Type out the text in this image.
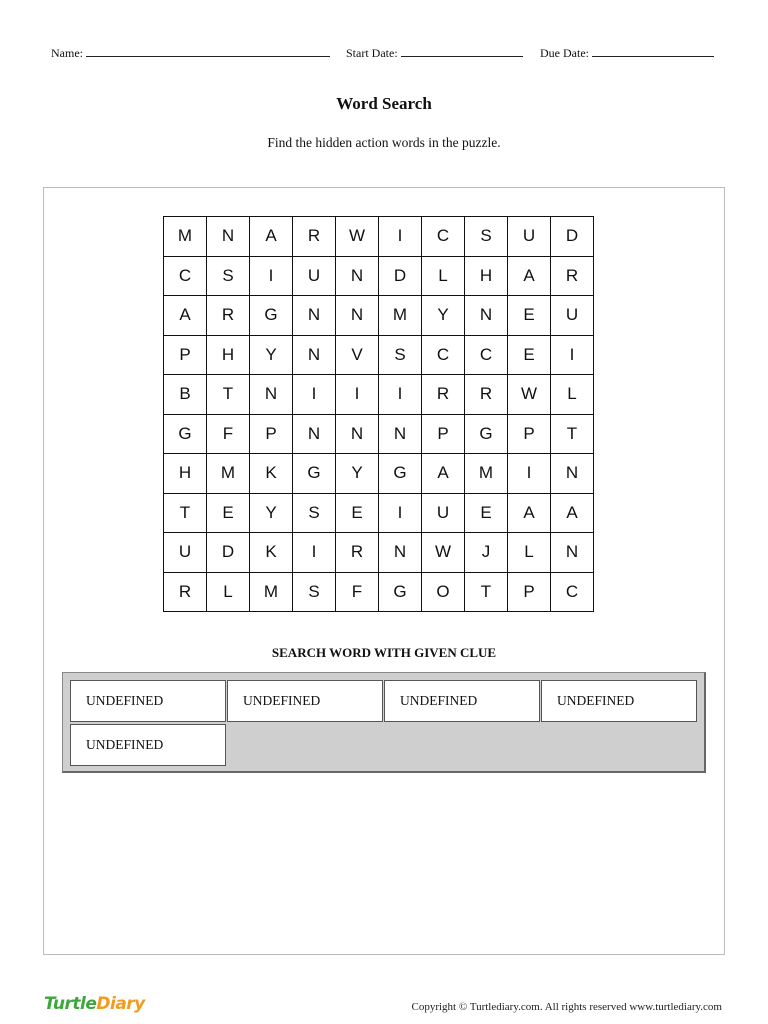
Name:	Start Date:	Due Date:
Word Search
Find the hidden action words in the puzzle.
M	N	A	R	W	I	C	S	U	D
C	S	I	U	N	D	L	H	A	R
A	R	G	N	N	M	Y	N	E	U
P	H	Y	N	V	S	C	C	E	I
B	T	N	I	I	I	R	R	W	L
G	F	P	N	N	N	P	G	P	T
H	M	K	G	Y	G	A	M	I	N
T	E	Y	S	E	I	U	E	A	A
U	D	K	I	R	N	W	J	L	N
R	L	M	S	F	G	O	T	P	C
SEARCH WORD WITH GIVEN CLUE
UNDEFINED	UNDEFINED	UNDEFINED	UNDEFINED
UNDEFINED
TurtleDiary	Copyright © Turtlediary.com. All rights reserved www.turtlediary.com
